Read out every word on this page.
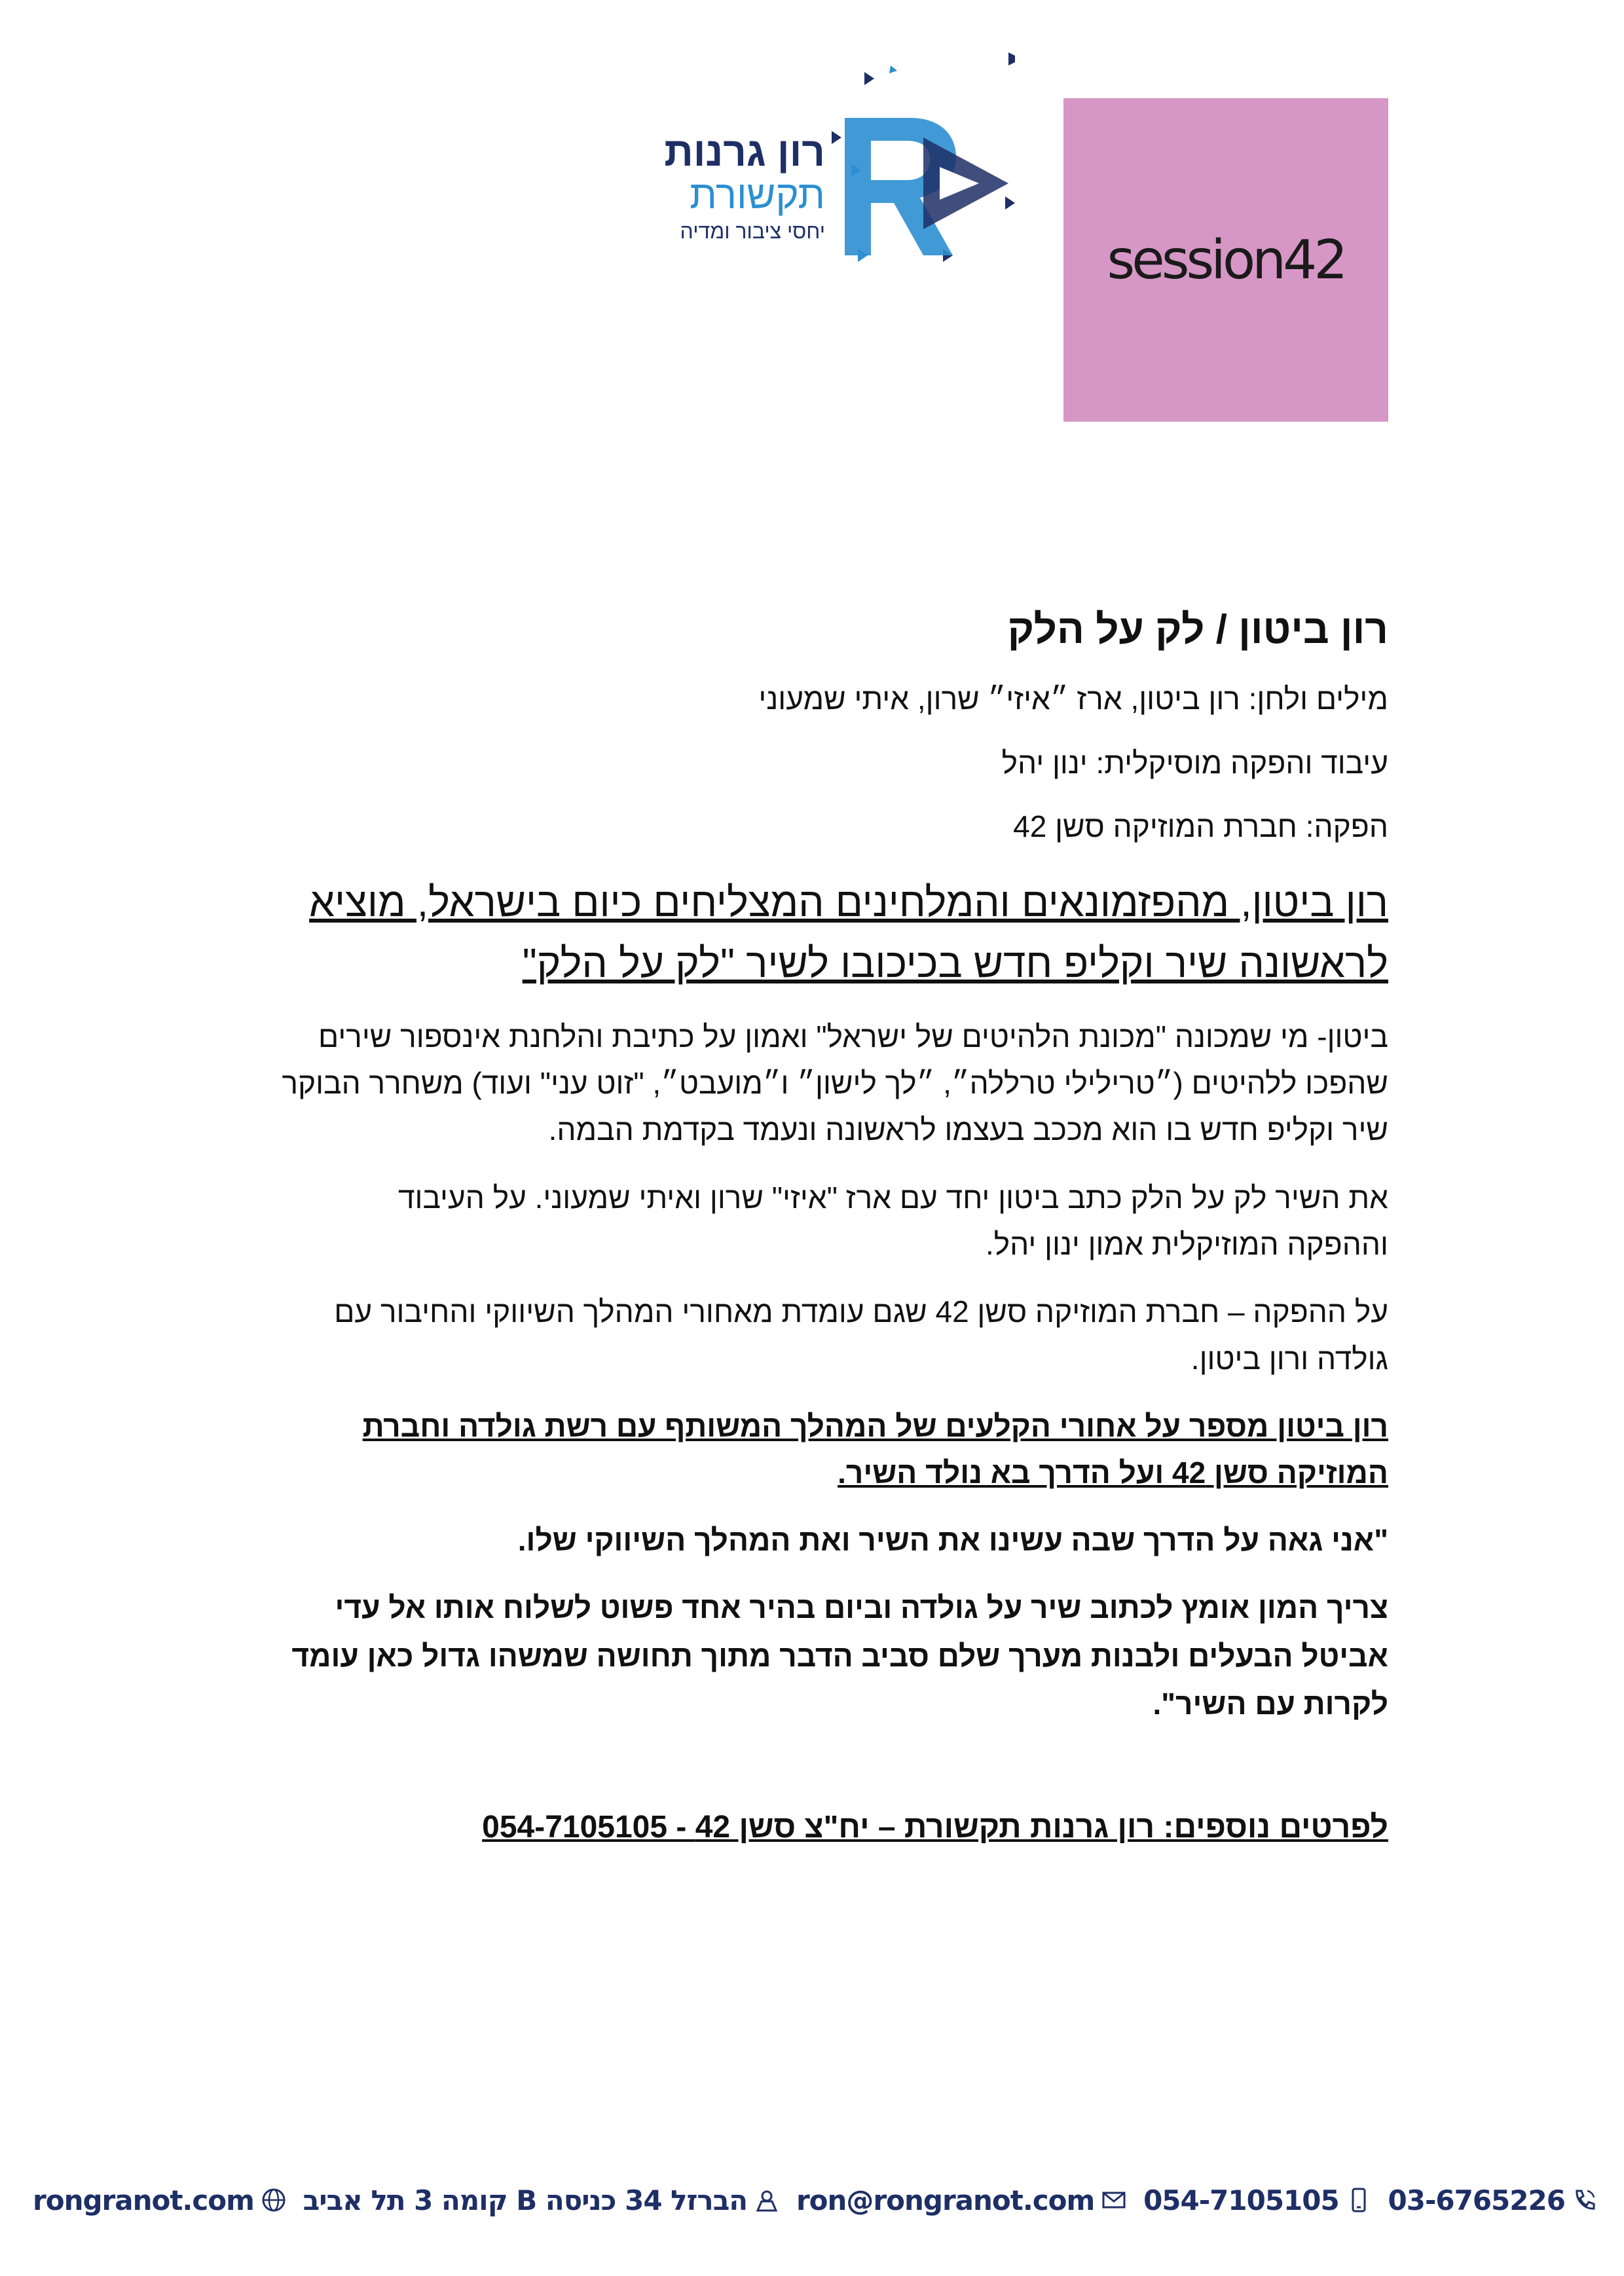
רון גרנות
תקשורת
יחסי ציבור ומדיה	session42
רון ביטון / לק על הלק
מילים ולחן: רון ביטון, ארז ״איזי״ שרון, איתי שמעוני
עיבוד והפקה מוסיקלית: ינון יהל
הפקה: חברת המוזיקה סשן 42
רון ביטון, מהפזמונאים והמלחינים המצליחים כיום בישראל, מוציא לראשונה שיר וקליפ חדש בכיכובו לשיר "לק על הלק"
ביטון- מי שמכונה "מכונת הלהיטים של ישראל" ואמון על כתיבת והלחנת אינספור שירים שהפכו ללהיטים (״טרילילי טרללה״, ״לך לישון״ ו״מועבט״, "זוט עני" ועוד) משחרר הבוקר שיר וקליפ חדש בו הוא מככב בעצמו לראשונה ונעמד בקדמת הבמה.
את השיר לק על הלק כתב ביטון יחד עם ארז "איזי" שרון ואיתי שמעוני. על העיבוד וההפקה המוזיקלית אמון ינון יהל.
על ההפקה – חברת המוזיקה סשן 42 שגם עומדת מאחורי המהלך השיווקי והחיבור עם גולדה ורון ביטון.
רון ביטון מספר על אחורי הקלעים של המהלך המשותף עם רשת גולדה וחברת המוזיקה סשן 42 ועל הדרך בא נולד השיר.
"אני גאה על הדרך שבה עשינו את השיר ואת המהלך השיווקי שלו.
צריך המון אומץ לכתוב שיר על גולדה וביום בהיר אחד פשוט לשלוח אותו אל עדי אביטל הבעלים ולבנות מערך שלם סביב הדבר מתוך תחושה שמשהו גדול כאן עומד לקרות עם השיר".
לפרטים נוספים: רון גרנות תקשורת – יח"צ סשן 42 - 054-7105105
rongranot.com הברזל 34 כניסה B קומה 3 תל אביב ron@rongranot.com 054-7105105 03-6765226
